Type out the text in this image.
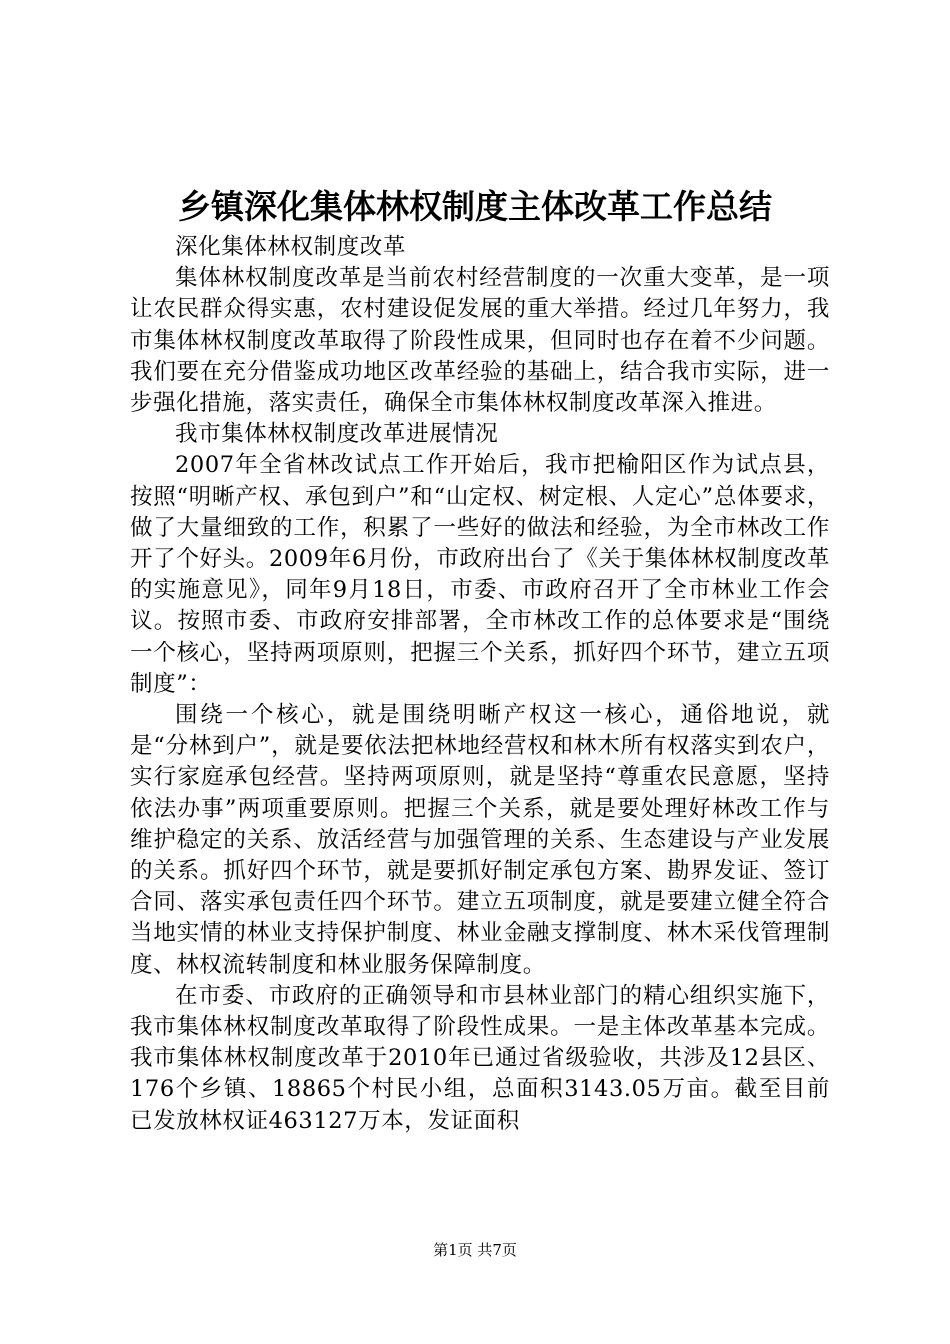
乡镇深化集体林权制度主体改革工作总结

深化集体林权制度改革

集体林权制度改革是当前农村经营制度的一次重大变革，是一项让农民群众得实惠，农村建设促发展的重大举措。经过几年努力，我市集体林权制度改革取得了阶段性成果，但同时也存在着不少问题。我们要在充分借鉴成功地区改革经验的基础上，结合我市实际，进一步强化措施，落实责任，确保全市集体林权制度改革深入推进。

我市集体林权制度改革进展情况

2007年全省林改试点工作开始后，我市把榆阳区作为试点县，按照“明晰产权、承包到户”和“山定权、树定根、人定心”总体要求，做了大量细致的工作，积累了一些好的做法和经验，为全市林改工作开了个好头。2009年6月份，市政府出台了《关于集体林权制度改革的实施意见》，同年9月18日，市委、市政府召开了全市林业工作会议。按照市委、市政府安排部署，全市林改工作的总体要求是“围绕一个核心，坚持两项原则，把握三个关系，抓好四个环节，建立五项制度”：

围绕一个核心，就是围绕明晰产权这一核心，通俗地说，就是“分林到户”，就是要依法把林地经营权和林木所有权落实到农户，实行家庭承包经营。坚持两项原则，就是坚持“尊重农民意愿，坚持依法办事”两项重要原则。把握三个关系，就是要处理好林改工作与维护稳定的关系、放活经营与加强管理的关系、生态建设与产业发展的关系。抓好四个环节，就是要抓好制定承包方案、勘界发证、签订合同、落实承包责任四个环节。建立五项制度，就是要建立健全符合当地实情的林业支持保护制度、林业金融支撑制度、林木采伐管理制度、林权流转制度和林业服务保障制度。

在市委、市政府的正确领导和市县林业部门的精心组织实施下，我市集体林权制度改革取得了阶段性成果。一是主体改革基本完成。我市集体林权制度改革于2010年已通过省级验收，共涉及12县区、176个乡镇、18865个村民小组，总面积3143.05万亩。截至目前已发放林权证463127万本，发证面积

第1页 共7页
